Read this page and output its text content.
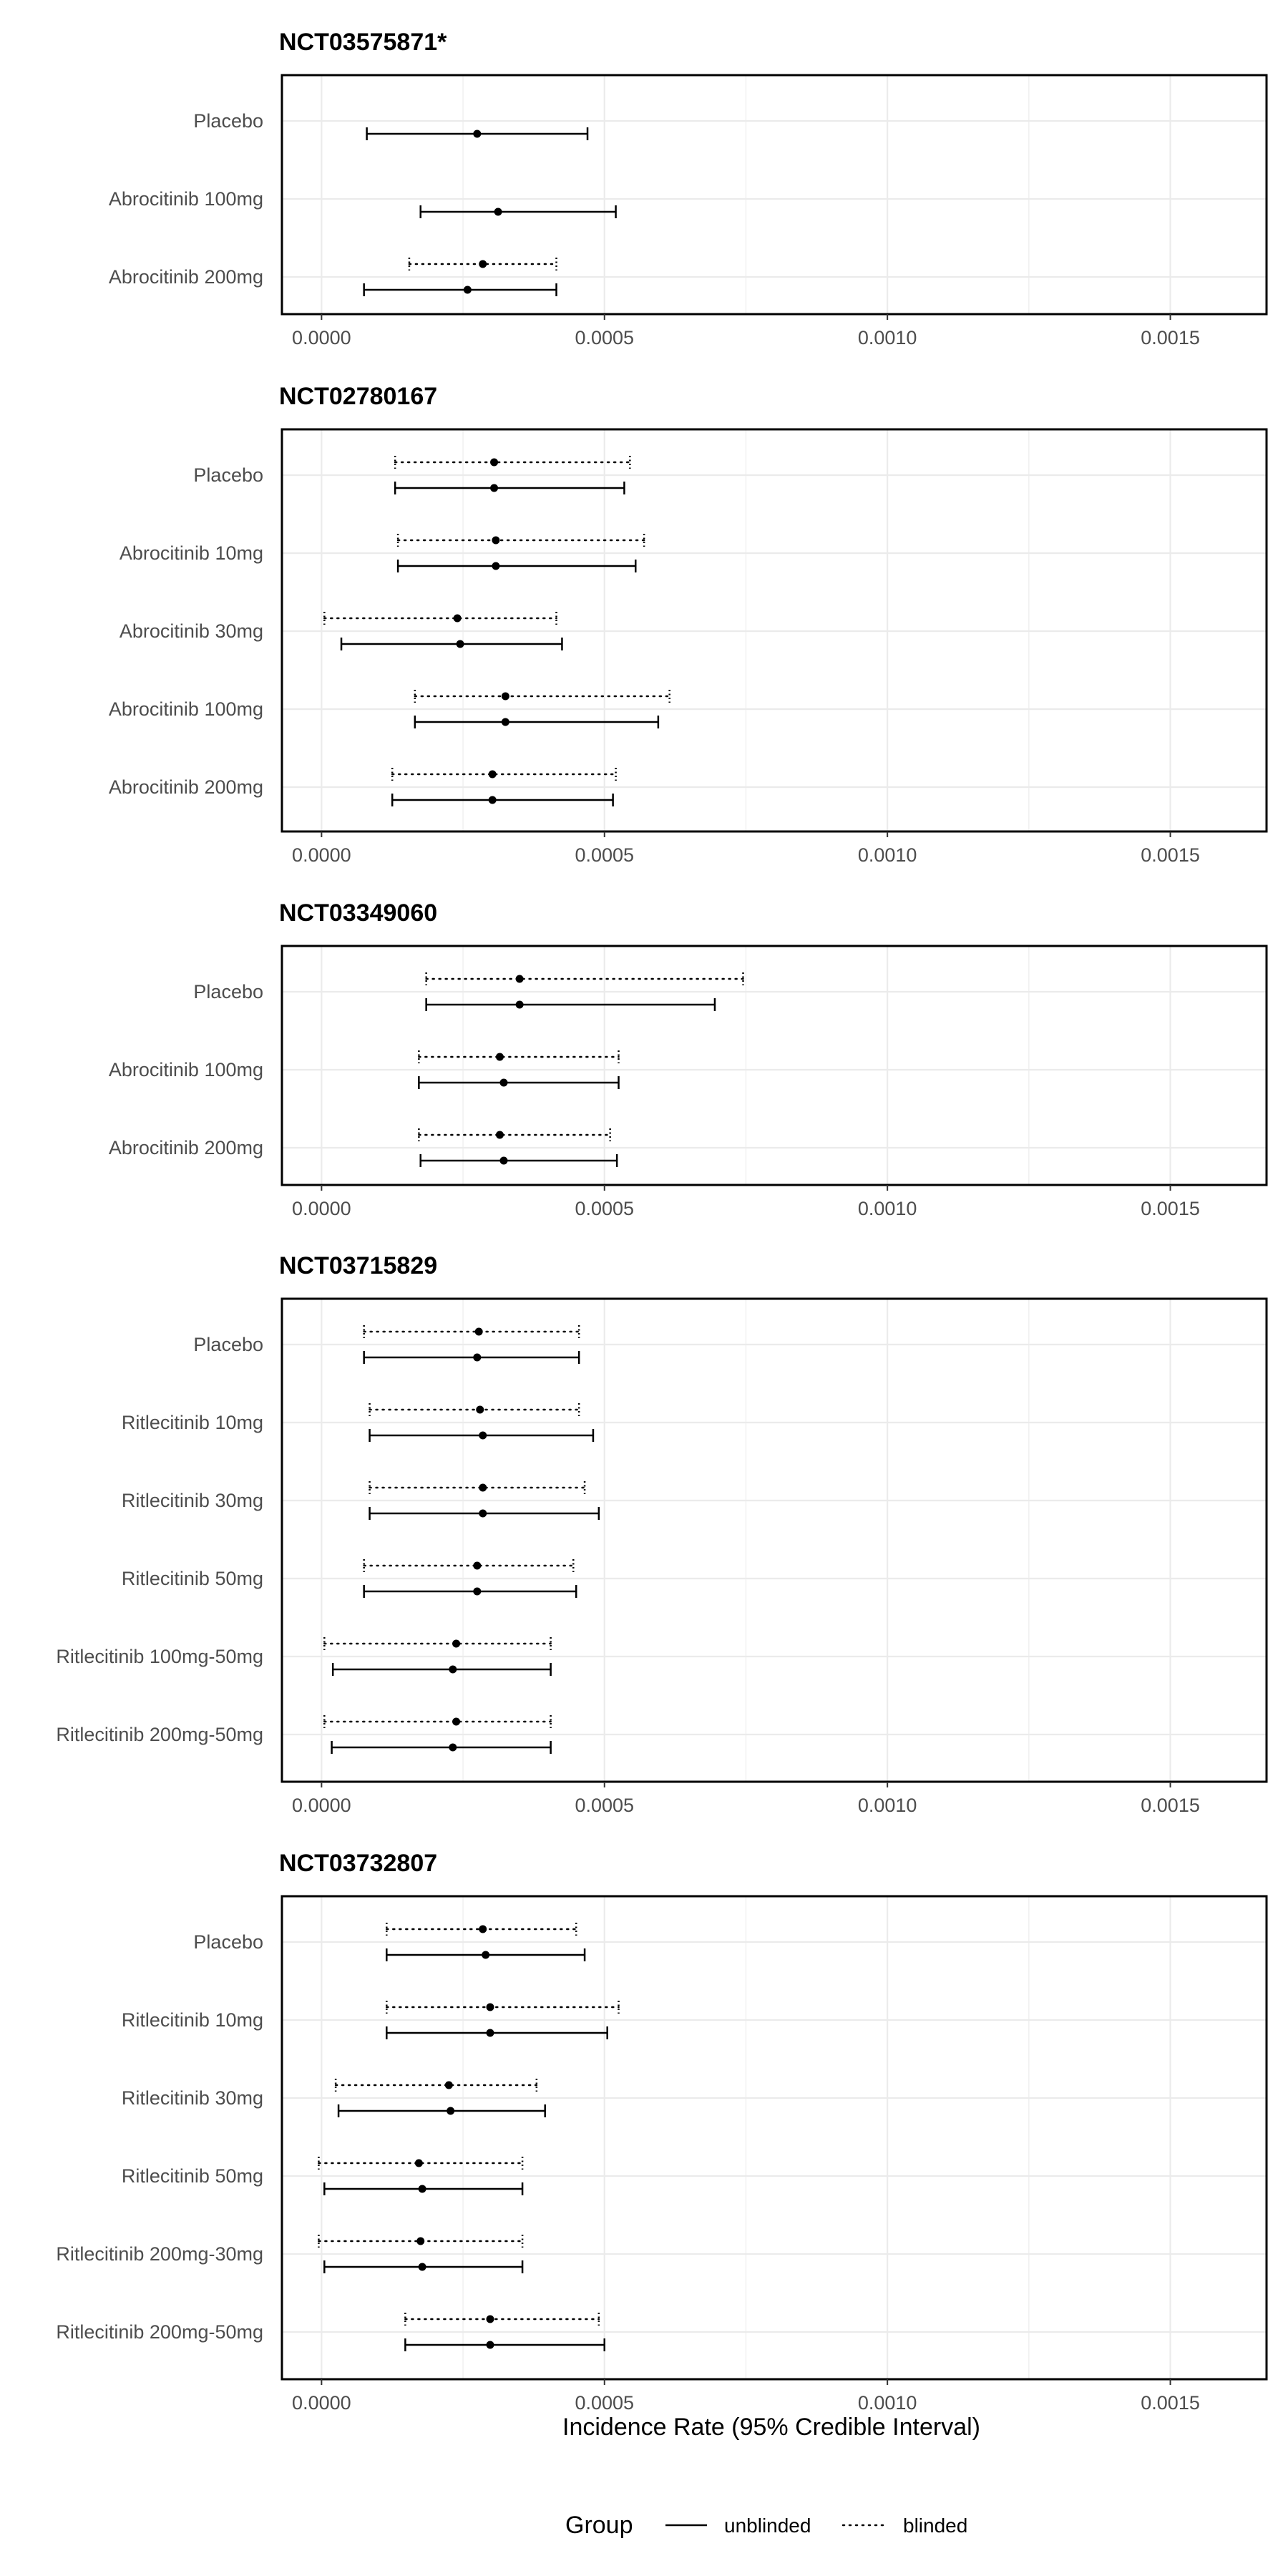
NCT03575871*
Placebo
Abrocitinib 100mg
Abrocitinib 200mg
0.0000	0.0005	0.0010	0.0015
NCT02780167
Placebo
Abrocitinib 10mg
Abrocitinib 30mg
Abrocitinib 100mg
Abrocitinib 200mg
0.0000	0.0005	0.0010	0.0015
NCT03349060
Placebo
Abrocitinib 100mg
Abrocitinib 200mg
0.0000	0.0005	0.0010	0.0015
NCT03715829
Placebo
Ritlecitinib 10mg
Ritlecitinib 30mg
Ritlecitinib 50mg
Ritlecitinib 100mg-50mg
Ritlecitinib 200mg-50mg
0.0000	0.0005	0.0010	0.0015
NCT03732807
Placebo
Ritlecitinib 10mg
Ritlecitinib 30mg
Ritlecitinib 50mg
Ritlecitinib 200mg-30mg
Ritlecitinib 200mg-50mg
0.0000	0.0005	0.0010	0.0015
Incidence Rate (95% Credible Interval)
Group	unblinded	blinded
